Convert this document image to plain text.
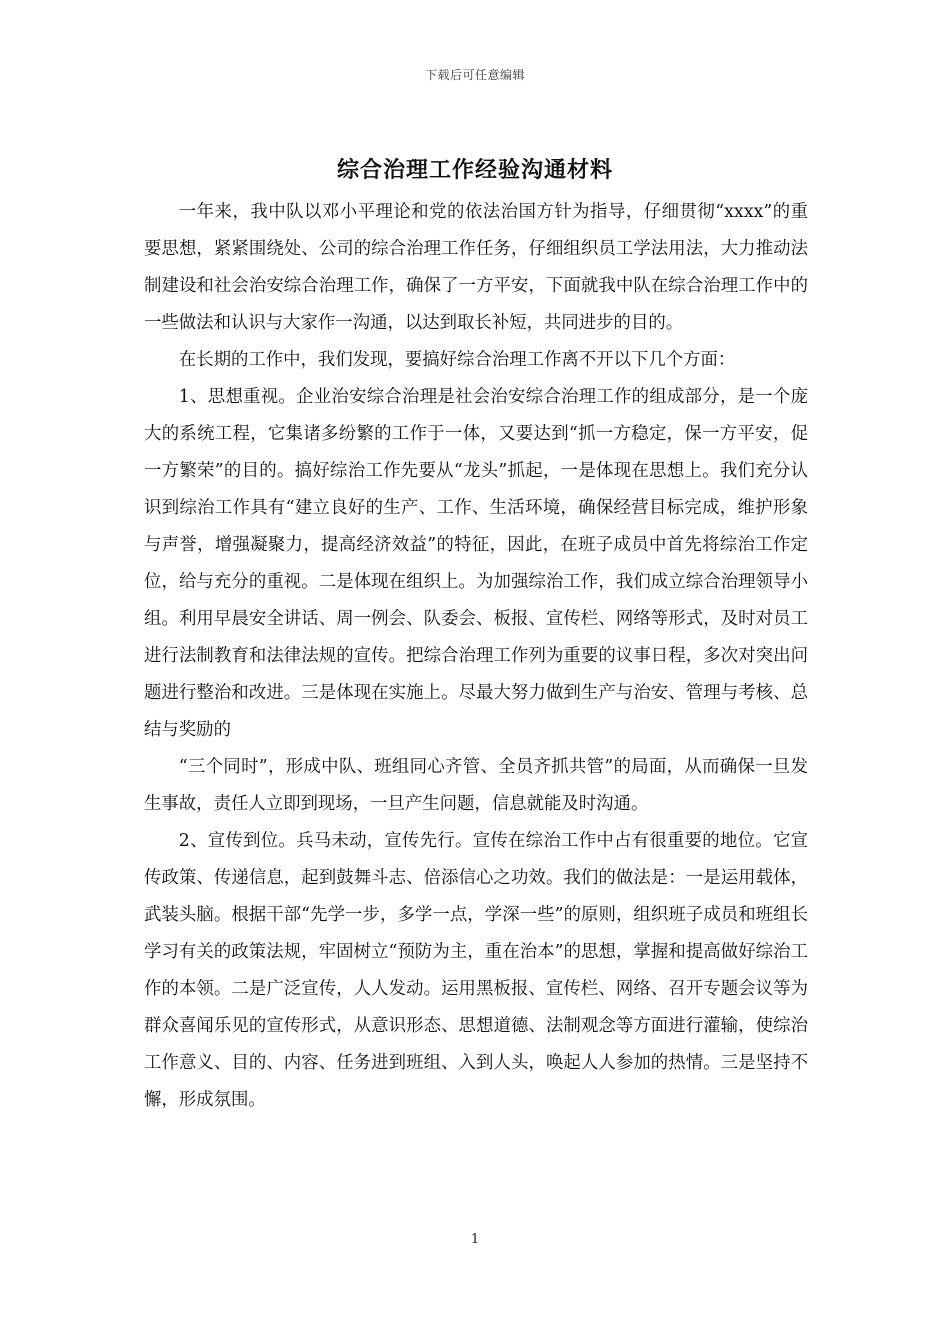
下载后可任意编辑
综合治理工作经验沟通材料

一年来，我中队以邓小平理论和党的依法治国方针为指导，仔细贯彻“xxxx”的重要思想，紧紧围绕处、公司的综合治理工作任务，仔细组织员工学法用法，大力推动法制建设和社会治安综合治理工作，确保了一方平安，下面就我中队在综合治理工作中的一些做法和认识与大家作一沟通，以达到取长补短，共同进步的目的。

在长期的工作中，我们发现，要搞好综合治理工作离不开以下几个方面：

1、思想重视。企业治安综合治理是社会治安综合治理工作的组成部分，是一个庞大的系统工程，它集诸多纷繁的工作于一体，又要达到“抓一方稳定，保一方平安，促一方繁荣”的目的。搞好综治工作先要从“龙头”抓起，一是体现在思想上。我们充分认识到综治工作具有“建立良好的生产、工作、生活环境，确保经营目标完成，维护形象与声誉，增强凝聚力，提高经济效益”的特征，因此，在班子成员中首先将综治工作定位，给与充分的重视。二是体现在组织上。为加强综治工作，我们成立综合治理领导小组。利用早晨安全讲话、周一例会、队委会、板报、宣传栏、网络等形式，及时对员工进行法制教育和法律法规的宣传。把综合治理工作列为重要的议事日程，多次对突出问题进行整治和改进。三是体现在实施上。尽最大努力做到生产与治安、管理与考核、总结与奖励的

“三个同时”，形成中队、班组同心齐管、全员齐抓共管”的局面，从而确保一旦发生事故，责任人立即到现场，一旦产生问题，信息就能及时沟通。

2、宣传到位。兵马未动，宣传先行。宣传在综治工作中占有很重要的地位。它宣传政策、传递信息，起到鼓舞斗志、倍添信心之功效。我们的做法是：一是运用载体，武装头脑。根据干部“先学一步，多学一点，学深一些”的原则，组织班子成员和班组长学习有关的政策法规，牢固树立“预防为主，重在治本”的思想，掌握和提高做好综治工作的本领。二是广泛宣传，人人发动。运用黑板报、宣传栏、网络、召开专题会议等为群众喜闻乐见的宣传形式，从意识形态、思想道德、法制观念等方面进行灌输，使综治工作意义、目的、内容、任务进到班组、入到人头，唤起人人参加的热情。三是坚持不懈，形成氛围。

1
